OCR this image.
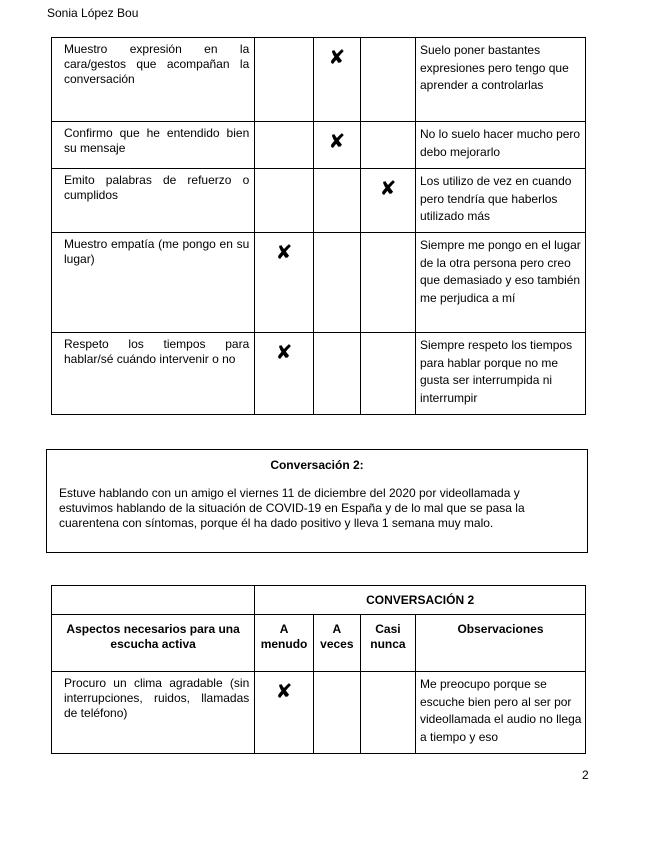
Sonia López Bou
Muestro expresión en la cara/gestos que acompañan la conversación		✘		Suelo poner bastantes expresiones pero tengo que aprender a controlarlas
Confirmo que he entendido bien su mensaje		✘		No lo suelo hacer mucho pero debo mejorarlo
Emito palabras de refuerzo o cumplidos			✘	Los utilizo de vez en cuando pero tendría que haberlos utilizado más
Muestro empatía (me pongo en su lugar)	✘			Siempre me pongo en el lugar de la otra persona pero creo que demasiado y eso también me perjudica a mí
Respeto los tiempos para hablar/sé cuándo intervenir o no	✘			Siempre respeto los tiempos para hablar porque no me gusta ser interrumpida ni interrumpir
Conversación 2:
Estuve hablando con un amigo el viernes 11 de diciembre del 2020 por videollamada y estuvimos hablando de la situación de COVID-19 en España y de lo mal que se pasa la cuarentena con síntomas, porque él ha dado positivo y lleva 1 semana muy malo.
	CONVERSACIÓN 2			
Aspectos necesarios para una escucha activa	A menudo	A veces	Casi nunca	Observaciones
Procuro un clima agradable (sin interrupciones, ruidos, llamadas de teléfono)	✘			Me preocupo porque se escuche bien pero al ser por videollamada el audio no llega a tiempo y eso
2
